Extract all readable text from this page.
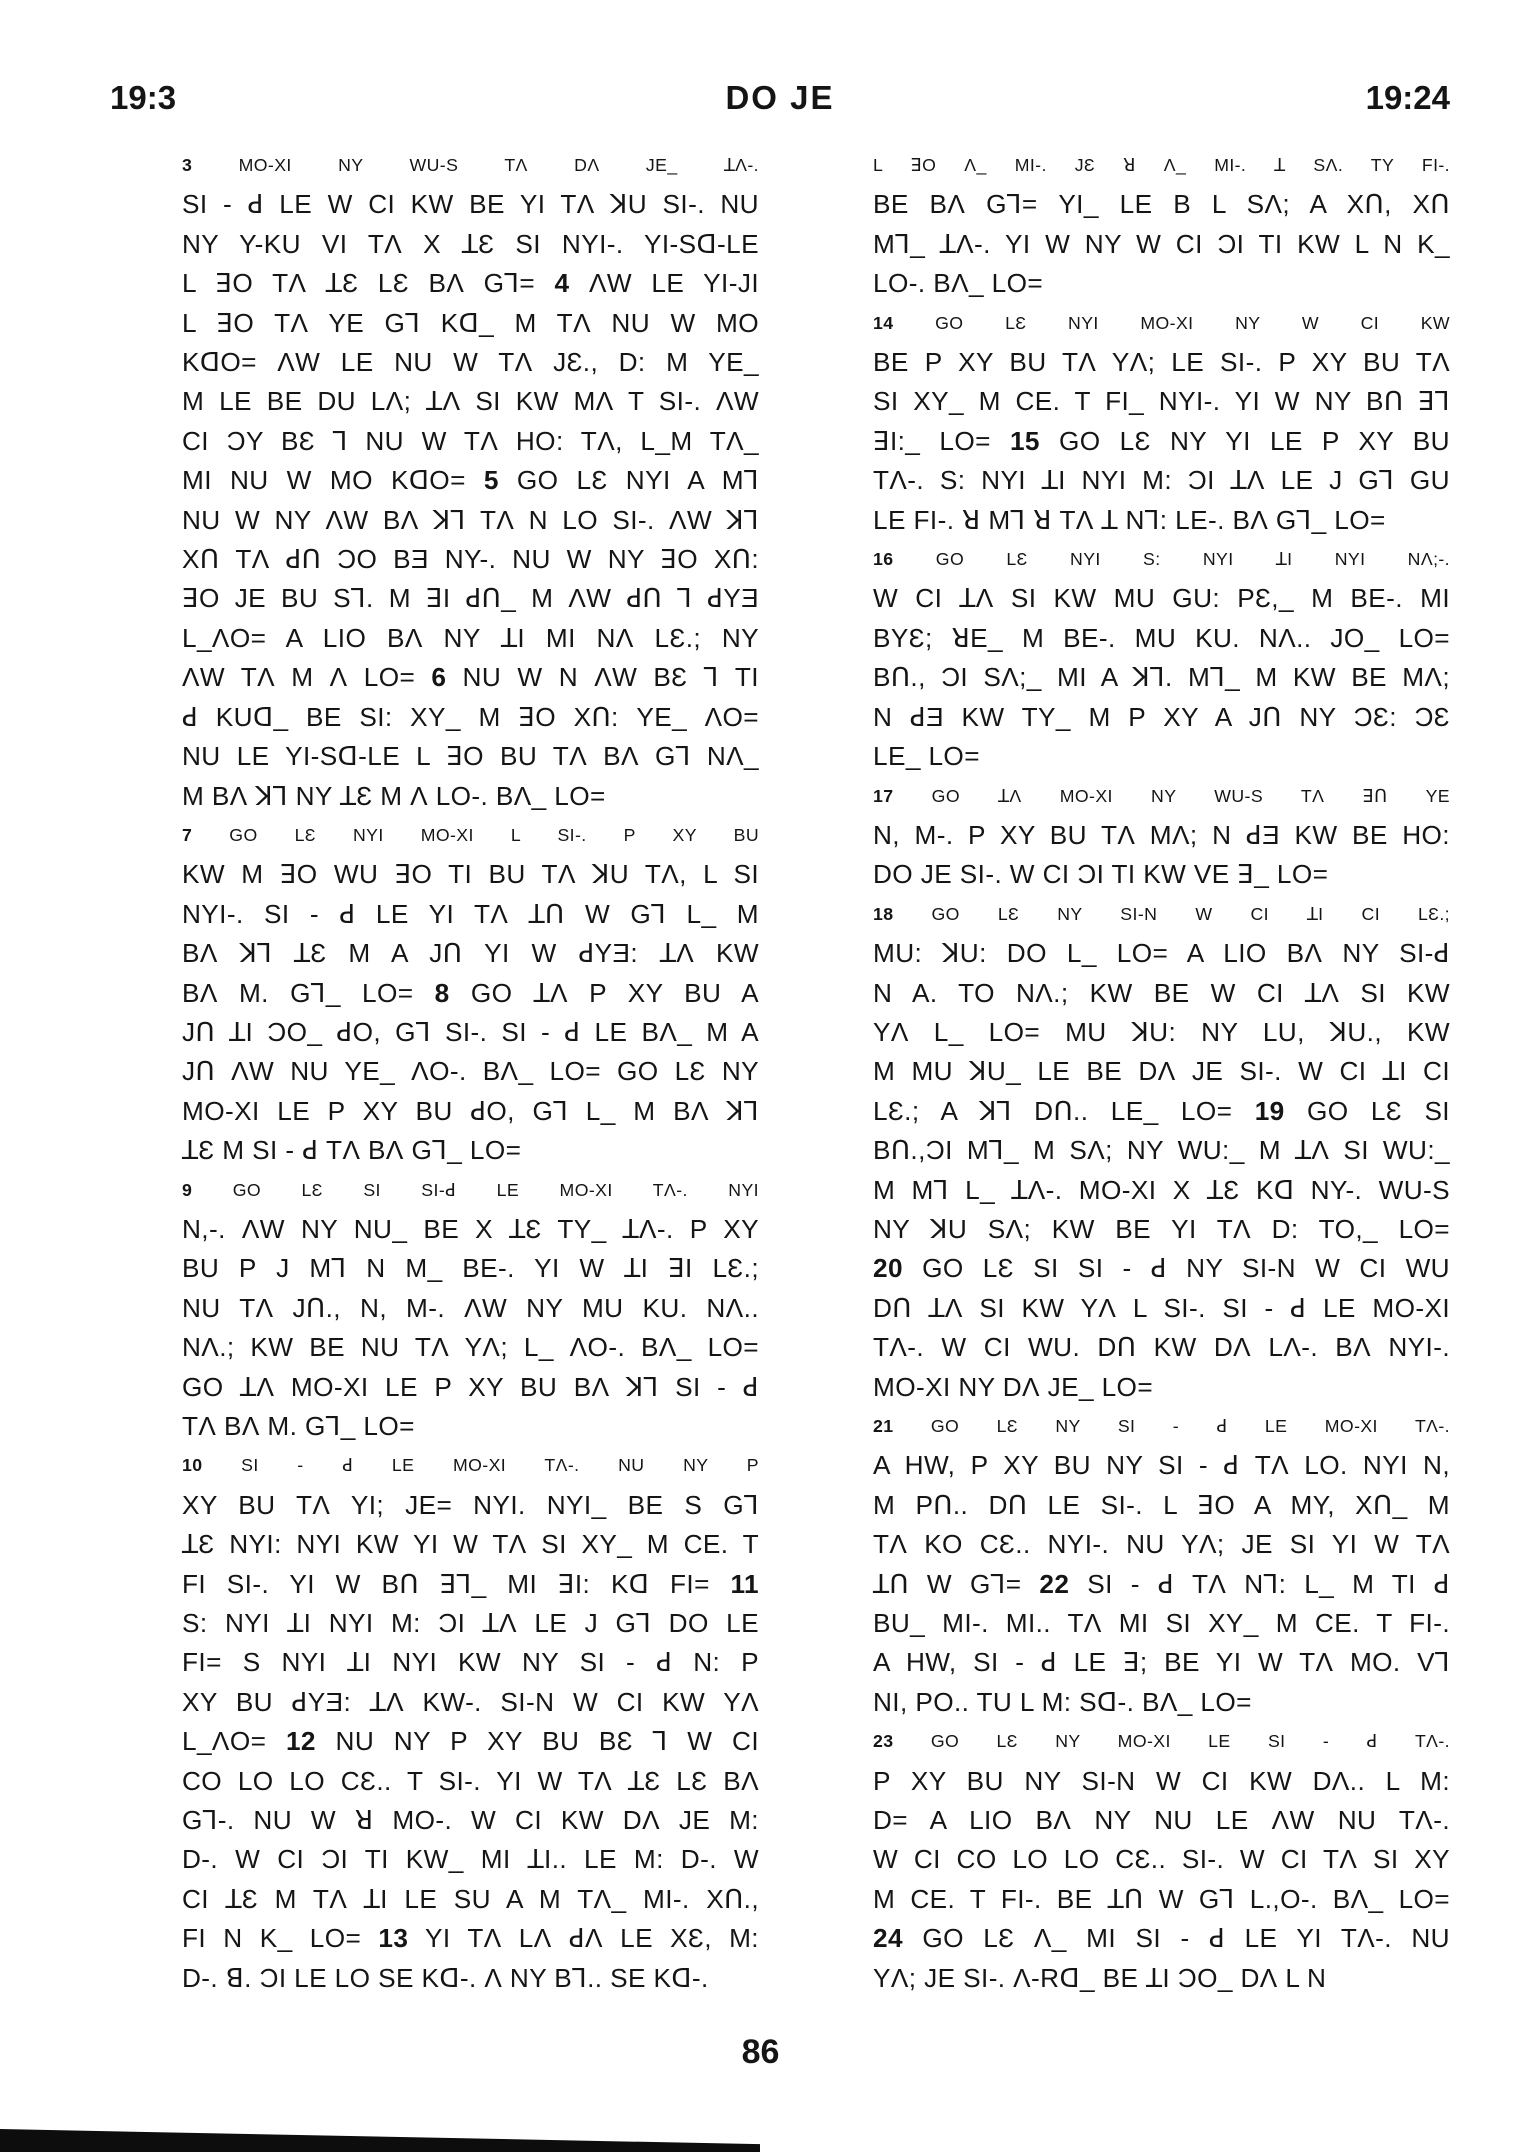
19:3	DO JE	19:24

3 MO-XI NY WU-S TɅ DɅ JE_ ꓕɅ-.
SI - ꓒ LE W CI KW BE YI TɅ ꓘU SI-. NU
NY Y-KU VI TɅ X ꓕƐ SI NYI-. YI-Sꓷ-LE
L ꓱO TɅ ꓕƐ LƐ BɅ Gꓶ= 4 ɅW LE YI-JI
L ꓱO TɅ YE Gꓶ Kꓷ_ M TɅ NU W MO
KꓷO= ɅW LE NU W TɅ JƐ., D: M YE_
M LE BE DU LɅ; ꓕɅ SI KW MɅ T SI-. ɅW
CI ƆY BƐ ꓶ NU W TɅ HO: TɅ, L_M TɅ_
MI NU W MO KꓷO= 5 GO LƐ NYI A Mꓶ
NU W NY ɅW BɅ ꓘꓶ TɅ N LO SI-. ɅW ꓘꓶ
Xꓵ TɅ ꓒꓵ ƆO BƎ NY-. NU W NY ꓱO Xꓵ:
ꓱO JE BU Sꓶ. M ꓱI ꓒꓵ_ M ɅW ꓒꓵ ꓶ ꓒYƎ
L_ɅO= A LIO BɅ NY ꓕI MI NɅ LƐ.; NY
ɅW TɅ M Ʌ LO= 6 NU W N ɅW BƐ ꓶ TI
ꓒ KUꓷ_ BE SI: XY_ M ꓱO Xꓵ: YE_ ɅO=
NU LE YI-Sꓷ-LE L ꓱO BU TɅ BɅ Gꓶ NɅ_
M BɅ ꓘꓶ NY ꓕƐ M Ʌ LO-. BɅ_ LO=

7 GO LƐ NYI MO-XI L SI-. P XY BU
KW M ꓱO WU ꓱO TI BU TɅ ꓘU TɅ, L SI
NYI-. SI - ꓒ LE YI TɅ ꓕꓵ W Gꓶ L_ M
BɅ ꓘꓶ ꓕƐ M A Jꓵ YI W ꓒYƎ: ꓕɅ KW
BɅ M. Gꓶ_ LO= 8 GO ꓕɅ P XY BU A
Jꓵ ꓕI ƆO_ ꓒO, Gꓶ SI-. SI - ꓒ LE BɅ_ M A
Jꓵ ɅW NU YE_ ɅO-. BɅ_ LO= GO LƐ NY
MO-XI LE P XY BU ꓒO, Gꓶ L_ M BɅ ꓘꓶ
ꓕƐ M SI - ꓒ TɅ BɅ Gꓶ_ LO=

9 GO LƐ SI SI-ꓒ LE MO-XI TɅ-. NYI
N,-. ɅW NY NU_ BE X ꓕƐ TY_ ꓕɅ-. P XY
BU P J Mꓶ N M_ BE-. YI W ꓕI ꓱI LƐ.;
NU TɅ Jꓵ., N, M-. ɅW NY MU KU. NɅ..
NɅ.; KW BE NU TɅ YɅ; L_ ɅO-. BɅ_ LO=
GO ꓕɅ MO-XI LE P XY BU BɅ ꓘꓶ SI - ꓒ
TɅ BɅ M. Gꓶ_ LO=

10 SI - ꓒ LE MO-XI TɅ-. NU NY P
XY BU TɅ YI; JE= NYI. NYI_ BE S Gꓶ
ꓕƐ NYI: NYI KW YI W TɅ SI XY_ M CE. T
FI SI-. YI W Bꓵ ꓱꓶ_ MI ꓱI: Kꓷ FI= 11
S: NYI ꓕI NYI M: ƆI ꓕɅ LE J Gꓶ DO LE
FI= S NYI ꓕI NYI KW NY SI - ꓒ N: P
XY BU ꓒYƎ: ꓕɅ KW-. SI-N W CI KW YɅ
L_ɅO= 12 NU NY P XY BU BƐ ꓶ W CI
CO LO LO CƐ.. T SI-. YI W TɅ ꓕƐ LƐ BɅ
Gꓶ-. NU W ꓤ MO-. W CI KW DɅ JE M:
D-. W CI ƆI TI KW_ MI ꓕI.. LE M: D-. W
CI ꓕƐ M TɅ ꓕI LE SU A M TɅ_ MI-. Xꓵ.,
FI N K_ LO= 13 YI TɅ LɅ ꓒɅ LE XƐ, M:
D-. ꓭ. ƆI LE LO SE Kꓷ-. Ʌ NY Bꓶ.. SE Kꓷ-.

L ꓱO Ʌ_ MI-. JƐ ꓤ Ʌ_ MI-. ꓕ SɅ. TY FI-.
BE BɅ Gꓶ= YI_ LE B L SɅ; A Xꓵ, Xꓵ
Mꓶ_ ꓕɅ-. YI W NY W CI ƆI TI KW L N K_
LO-. BɅ_ LO=

14 GO LƐ NYI MO-XI NY W CI KW
BE P XY BU TɅ YɅ; LE SI-. P XY BU TɅ
SI XY_ M CE. T FI_ NYI-. YI W NY Bꓵ ꓱꓶ
ꓱI:_ LO= 15 GO LƐ NY YI LE P XY BU
TɅ-. S: NYI ꓕI NYI M: ƆI ꓕɅ LE J Gꓶ GU
LE FI-. ꓤ Mꓶ ꓤ TɅ ꓕ Nꓶ: LE-. BɅ Gꓶ_ LO=

16 GO LƐ NYI S: NYI ꓕI NYI NɅ;-.
W CI ꓕɅ SI KW MU GU: PƐ,_ M BE-. MI
BYƐ; ꓤE_ M BE-. MU KU. NɅ.. JO_ LO=
Bꓵ., ƆI SɅ;_ MI A ꓘꓶ. Mꓶ_ M KW BE MɅ;
N ꓒƎ KW TY_ M P XY A Jꓵ NY ƆƐ: ƆƐ
LE_ LO=

17 GO ꓕɅ MO-XI NY WU-S TɅ ꓱꓵ YE
N, M-. P XY BU TɅ MɅ; N ꓒƎ KW BE HO:
DO JE SI-. W CI ƆI TI KW VE ꓱ_ LO=

18 GO LƐ NY SI-N W CI ꓕI CI LƐ.;
MU: ꓘU: DO L_ LO= A LIO BɅ NY SI-ꓒ
N A. TO NɅ.; KW BE W CI ꓕɅ SI KW
YɅ L_ LO= MU ꓘU: NY LU, ꓘU., KW
M MU ꓘU_ LE BE DɅ JE SI-. W CI ꓕI CI
LƐ.; A ꓘꓶ Dꓵ.. LE_ LO= 19 GO LƐ SI
Bꓵ.,ƆI Mꓶ_ M SɅ; NY WU:_ M ꓕɅ SI WU:_
M Mꓶ L_ ꓕɅ-. MO-XI X ꓕƐ Kꓷ NY-. WU-S
NY ꓘU SɅ; KW BE YI TɅ D: TO,_ LO=
20 GO LƐ SI SI - ꓒ NY SI-N W CI WU
Dꓵ ꓕɅ SI KW YɅ L SI-. SI - ꓒ LE MO-XI
TɅ-. W CI WU. Dꓵ KW DɅ LɅ-. BɅ NYI-.
MO-XI NY DɅ JE_ LO=

21 GO LƐ NY SI - ꓒ LE MO-XI TɅ-.
A HW, P XY BU NY SI - ꓒ TɅ LO. NYI N,
M Pꓵ.. Dꓵ LE SI-. L ꓱO A MY, Xꓵ_ M
TɅ KO CƐ.. NYI-. NU YɅ; JE SI YI W TɅ
ꓕꓵ W Gꓶ= 22 SI - ꓒ TɅ Nꓶ: L_ M TI ꓒ
BU_ MI-. MI.. TɅ MI SI XY_ M CE. T FI-.
A HW, SI - ꓒ LE ꓱ; BE YI W TɅ MO. Vꓶ
NI, PO.. TU L M: Sꓷ-. BɅ_ LO=

23 GO LƐ NY MO-XI LE SI - ꓒ TɅ-.
P XY BU NY SI-N W CI KW DɅ.. L M:
D= A LIO BɅ NY NU LE ɅW NU TɅ-.
W CI CO LO LO CƐ.. SI-. W CI TɅ SI XY
M CE. T FI-. BE ꓕꓵ W Gꓶ L.,O-. BɅ_ LO=
24 GO LƐ Ʌ_ MI SI - ꓒ LE YI TɅ-. NU
YɅ; JE SI-. Ʌ-Rꓷ_ BE ꓕI ƆO_ DɅ L N

86
